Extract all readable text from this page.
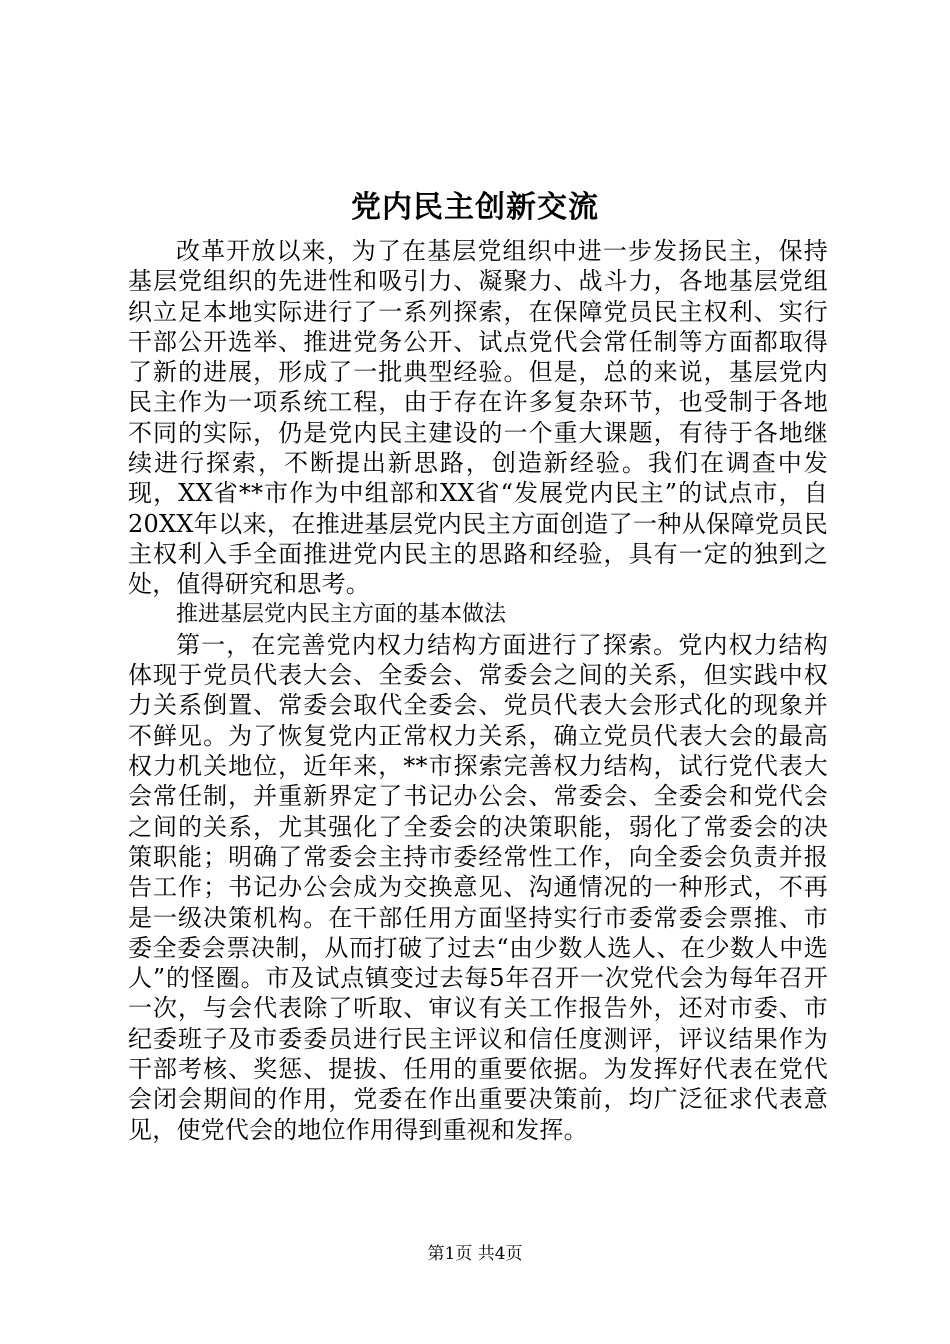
党内民主创新交流

改革开放以来，为了在基层党组织中进一步发扬民主，保持基层党组织的先进性和吸引力、凝聚力、战斗力，各地基层党组织立足本地实际进行了一系列探索，在保障党员民主权利、实行干部公开选举、推进党务公开、试点党代会常任制等方面都取得了新的进展，形成了一批典型经验。但是，总的来说，基层党内民主作为一项系统工程，由于存在许多复杂环节，也受制于各地不同的实际，仍是党内民主建设的一个重大课题，有待于各地继续进行探索，不断提出新思路，创造新经验。我们在调查中发现，XX省**市作为中组部和XX省“发展党内民主”的试点市，自20XX年以来，在推进基层党内民主方面创造了一种从保障党员民主权利入手全面推进党内民主的思路和经验，具有一定的独到之处，值得研究和思考。

推进基层党内民主方面的基本做法

第一，在完善党内权力结构方面进行了探索。党内权力结构体现于党员代表大会、全委会、常委会之间的关系，但实践中权力关系倒置、常委会取代全委会、党员代表大会形式化的现象并不鲜见。为了恢复党内正常权力关系，确立党员代表大会的最高权力机关地位，近年来，**市探索完善权力结构，试行党代表大会常任制，并重新界定了书记办公会、常委会、全委会和党代会之间的关系，尤其强化了全委会的决策职能，弱化了常委会的决策职能；明确了常委会主持市委经常性工作，向全委会负责并报告工作；书记办公会成为交换意见、沟通情况的一种形式，不再是一级决策机构。在干部任用方面坚持实行市委常委会票推、市委全委会票决制，从而打破了过去“由少数人选人、在少数人中选人”的怪圈。市及试点镇变过去每5年召开一次党代会为每年召开一次，与会代表除了听取、审议有关工作报告外，还对市委、市纪委班子及市委委员进行民主评议和信任度测评，评议结果作为干部考核、奖惩、提拔、任用的重要依据。为发挥好代表在党代会闭会期间的作用，党委在作出重要决策前，均广泛征求代表意见，使党代会的地位作用得到重视和发挥。

第1页 共4页
